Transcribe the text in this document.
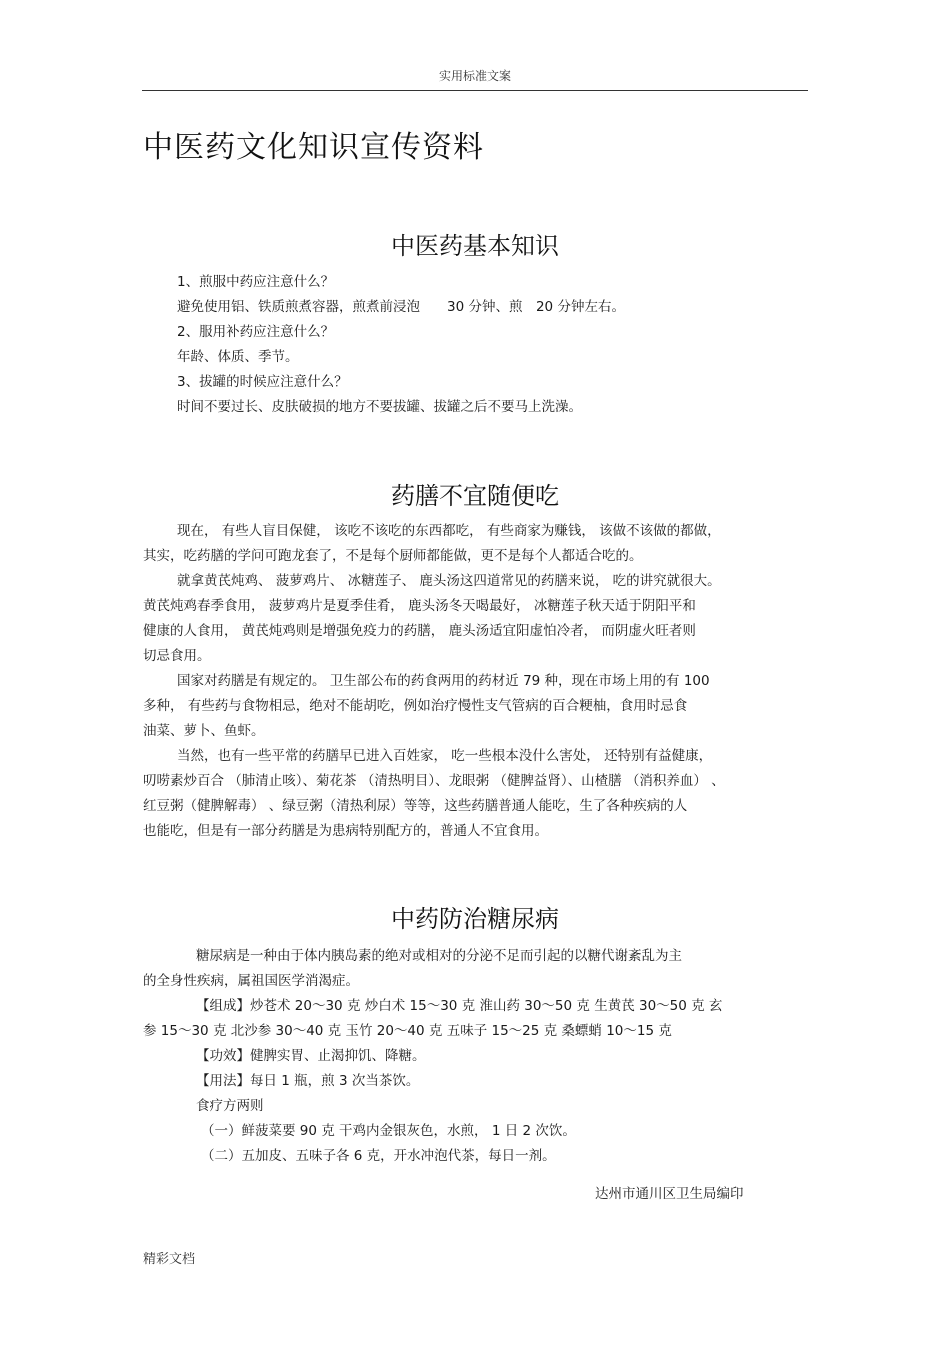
实用标准文案
中医药文化知识宣传资料
中医药基本知识
1、煎服中药应注意什么？
避免使用铝、铁质煎煮容器，煎煮前浸泡　　30 分钟、煎　20 分钟左右。
2、服用补药应注意什么？
年龄、体质、季节。
3、拔罐的时候应注意什么？
时间不要过长、皮肤破损的地方不要拔罐、拔罐之后不要马上洗澡。
药膳不宜随便吃
现在， 有些人盲目保健， 该吃不该吃的东西都吃， 有些商家为赚钱， 该做不该做的都做，
其实，吃药膳的学问可跑龙套了，不是每个厨师都能做，更不是每个人都适合吃的。
就拿黄芪炖鸡、 菠萝鸡片、 冰糖莲子、 鹿头汤这四道常见的药膳来说， 吃的讲究就很大。
黄芪炖鸡春季食用， 菠萝鸡片是夏季佳肴， 鹿头汤冬天喝最好， 冰糖莲子秋天适于阴阳平和
健康的人食用， 黄芪炖鸡则是增强免疫力的药膳， 鹿头汤适宜阳虚怕冷者， 而阴虚火旺者则
切忌食用。
国家对药膳是有规定的。 卫生部公布的药食两用的药材近 79 种，现在市场上用的有 100
多种， 有些药与食物相忌，绝对不能胡吃，例如治疗慢性支气管病的百合粳柚，食用时忌食
油菜、萝卜、鱼虾。
当然，也有一些平常的药膳早已进入百姓家， 吃一些根本没什么害处， 还特别有益健康，
叨唠素炒百合 （肺清止咳）、菊花茶 （清热明目）、龙眼粥 （健脾益肾）、山楂膳 （消积养血） 、
红豆粥（健脾解毒） 、绿豆粥（清热利尿）等等，这些药膳普通人能吃，生了各种疾病的人
也能吃，但是有一部分药膳是为患病特别配方的，普通人不宜食用。
中药防治糖尿病
糖尿病是一种由于体内胰岛素的绝对或相对的分泌不足而引起的以糖代谢紊乱为主
的全身性疾病，属祖国医学消渴症。
【组成】炒苍术 20～30 克 炒白术 15～30 克 淮山药 30～50 克 生黄芪 30～50 克 玄
参 15～30 克 北沙参 30～40 克 玉竹 20～40 克 五味子 15～25 克 桑螵蛸 10～15 克
【功效】健脾实胃、止渴抑饥、降糖。
【用法】每日 1 瓶，煎 3 次当茶饮。
食疗方两则
（一）鲜菠菜要 90 克 干鸡内金银灰色，水煎， 1 日 2 次饮。
（二）五加皮、五味子各 6 克，开水冲泡代茶，每日一剂。
达州市通川区卫生局编印
精彩文档
